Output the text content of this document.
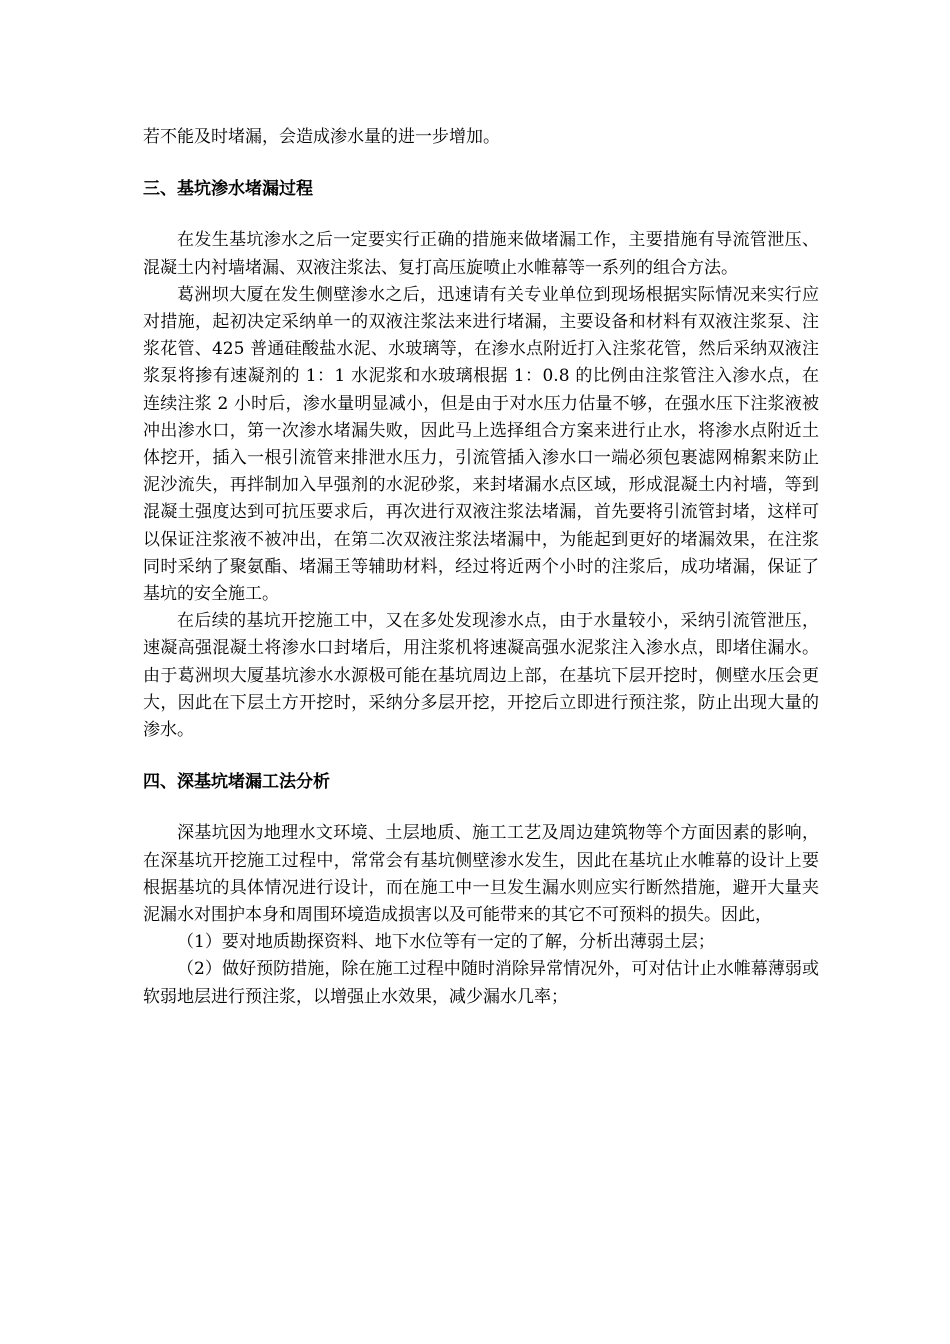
若不能及时堵漏，会造成渗水量的进一步增加。

三、基坑渗水堵漏过程

在发生基坑渗水之后一定要实行正确的措施来做堵漏工作，主要措施有导流管泄压、混凝土内衬墙堵漏、双液注浆法、复打高压旋喷止水帷幕等一系列的组合方法。

葛洲坝大厦在发生侧壁渗水之后，迅速请有关专业单位到现场根据实际情况来实行应对措施，起初决定采纳单一的双液注浆法来进行堵漏，主要设备和材料有双液注浆泵、注浆花管、425 普通硅酸盐水泥、水玻璃等，在渗水点附近打入注浆花管，然后采纳双液注浆泵将掺有速凝剂的 1：1 水泥浆和水玻璃根据 1：0.8 的比例由注浆管注入渗水点，在连续注浆 2 小时后，渗水量明显减小，但是由于对水压力估量不够，在强水压下注浆液被冲出渗水口，第一次渗水堵漏失败，因此马上选择组合方案来进行止水，将渗水点附近土体挖开，插入一根引流管来排泄水压力，引流管插入渗水口一端必须包裹滤网棉絮来防止泥沙流失，再拌制加入早强剂的水泥砂浆，来封堵漏水点区域，形成混凝土内衬墙，等到混凝土强度达到可抗压要求后，再次进行双液注浆法堵漏，首先要将引流管封堵，这样可以保证注浆液不被冲出，在第二次双液注浆法堵漏中，为能起到更好的堵漏效果，在注浆同时采纳了聚氨酯、堵漏王等辅助材料，经过将近两个小时的注浆后，成功堵漏，保证了基坑的安全施工。

在后续的基坑开挖施工中，又在多处发现渗水点，由于水量较小，采纳引流管泄压，速凝高强混凝土将渗水口封堵后，用注浆机将速凝高强水泥浆注入渗水点，即堵住漏水。由于葛洲坝大厦基坑渗水水源极可能在基坑周边上部，在基坑下层开挖时，侧壁水压会更大，因此在下层土方开挖时，采纳分多层开挖，开挖后立即进行预注浆，防止出现大量的渗水。

四、深基坑堵漏工法分析

深基坑因为地理水文环境、土层地质、施工工艺及周边建筑物等个方面因素的影响，在深基坑开挖施工过程中，常常会有基坑侧壁渗水发生，因此在基坑止水帷幕的设计上要根据基坑的具体情况进行设计，而在施工中一旦发生漏水则应实行断然措施，避开大量夹泥漏水对围护本身和周围环境造成损害以及可能带来的其它不可预料的损失。因此，

（1）要对地质勘探资料、地下水位等有一定的了解，分析出薄弱土层；

（2）做好预防措施，除在施工过程中随时消除异常情况外，可对估计止水帷幕薄弱或软弱地层进行预注浆，以增强止水效果，减少漏水几率；
